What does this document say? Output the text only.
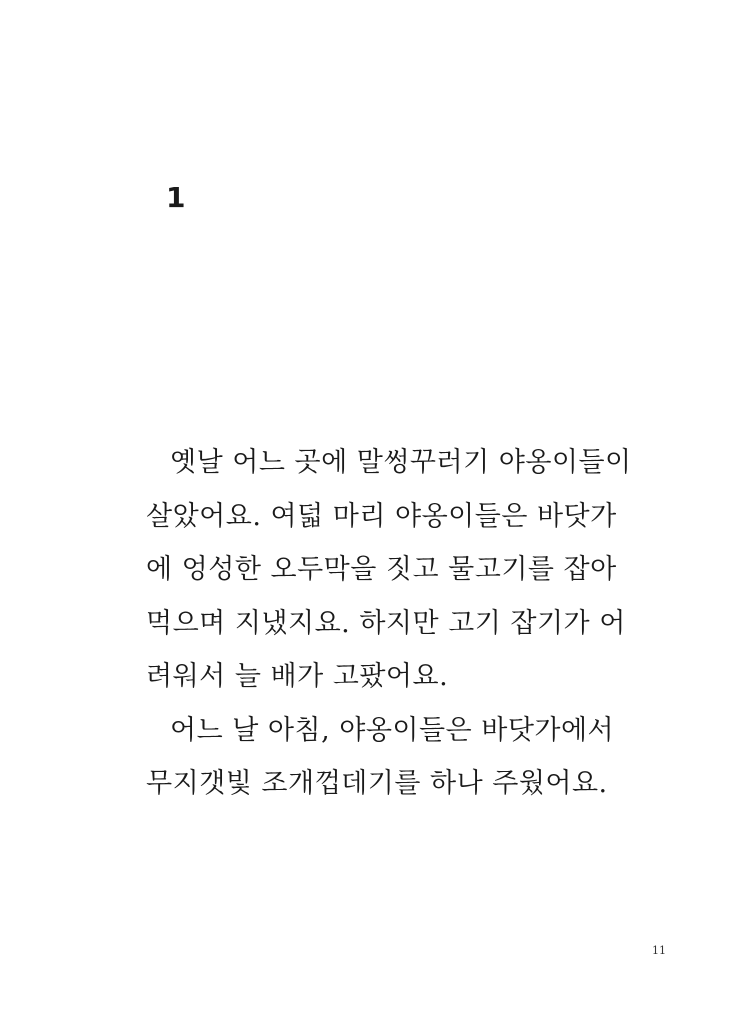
1
옛날 어느 곳에 말썽꾸러기 야옹이들이
살았어요. 여덟 마리 야옹이들은 바닷가
에 엉성한 오두막을 짓고 물고기를 잡아
먹으며 지냈지요. 하지만 고기 잡기가 어
려워서 늘 배가 고팠어요.
어느 날 아침, 야옹이들은 바닷가에서
무지갯빛 조개껍데기를 하나 주웠어요.
11
